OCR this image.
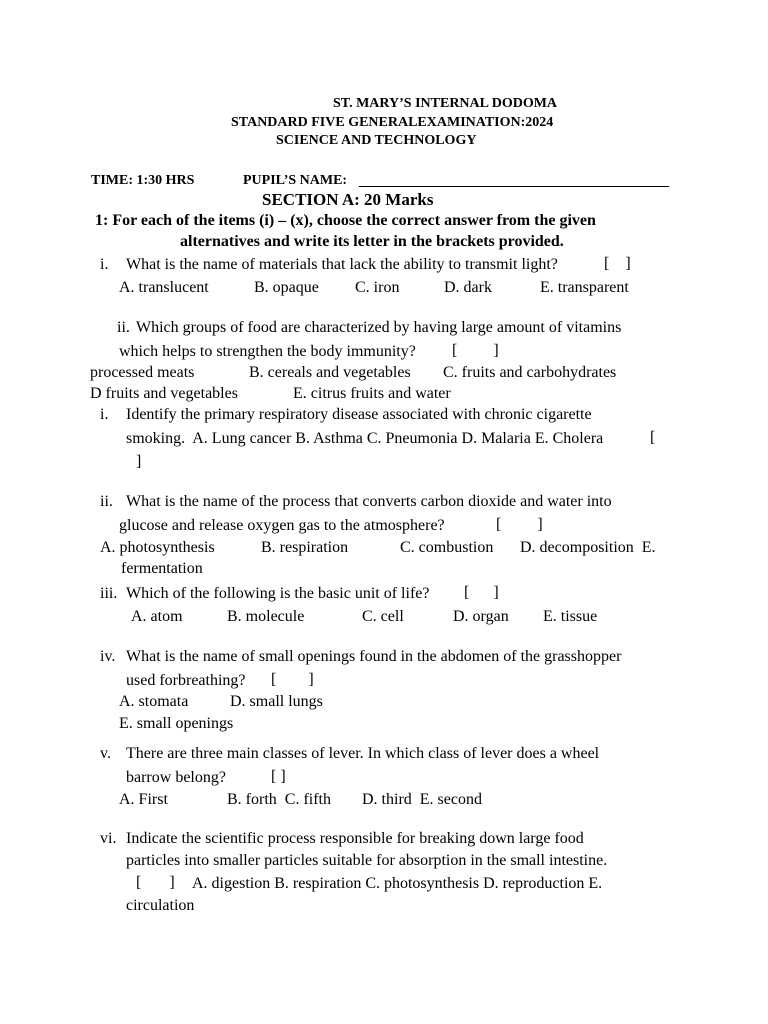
ST. MARY’S INTERNAL DODOMA
STANDARD FIVE GENERALEXAMINATION:2024
SCIENCE AND TECHNOLOGY
TIME: 1:30 HRS	PUPIL’S NAME:
SECTION A: 20 Marks
1: For each of the items (i) – (x), choose the correct answer from the given
alternatives and write its letter in the brackets provided.
i. What is the name of materials that lack the ability to transmit light?	[    ]
A. translucent	B. opaque C. iron	D. dark	E. transparent
ii. Which groups of food are characterized by having large amount of vitamins
which helps to strengthen the body immunity? [         ]
processed meats	B. cereals and vegetables C. fruits and carbohydrates
D fruits and vegetables	E. citrus fruits and water
i. Identify the primary respiratory disease associated with chronic cigarette
smoking.  A. Lung cancer B. Asthma C. Pneumonia D. Malaria E. Cholera	[
]
ii. What is the name of the process that converts carbon dioxide and water into
glucose and release oxygen gas to the atmosphere?	[         ]
A. photosynthesis	B. respiration	C. combustion D. decomposition  E.
fermentation
iii. Which of the following is the basic unit of life? [      ]
A. atom	B. molecule	C. cell	D. organ E. tissue
iv. What is the name of small openings found in the abdomen of the grasshopper
used forbreathing? [        ]
A. stomata	D. small lungs
E. small openings
v. There are three main classes of lever. In which class of lever does a wheel
barrow belong?	[ ]
A. First	B. forth  C. fifth D. third  E. second
vi. Indicate the scientific process responsible for breaking down large food
particles into smaller particles suitable for absorption in the small intestine.
[       ] A. digestion B. respiration C. photosynthesis D. reproduction E.
circulation
